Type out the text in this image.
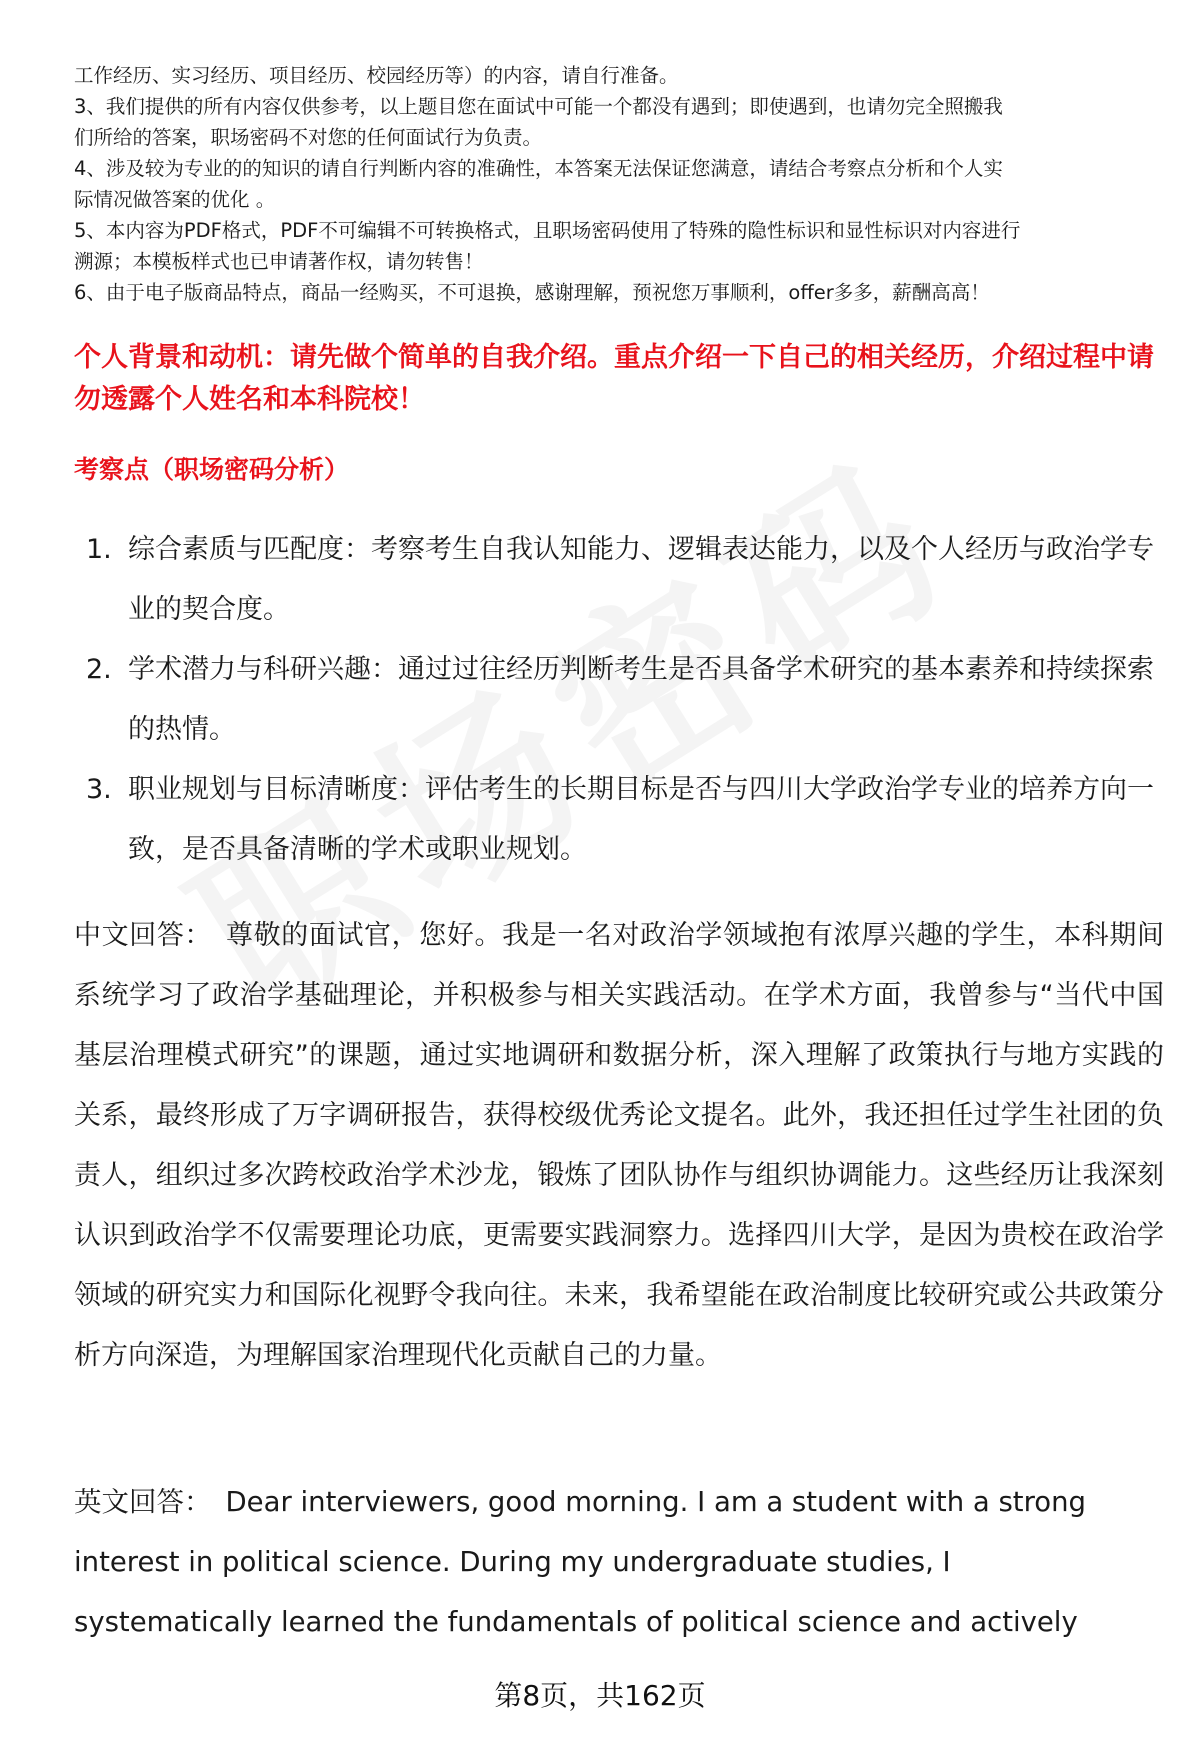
工作经历、实习经历、项目经历、校园经历等）的内容，请自行准备。

3、我们提供的所有内容仅供参考，以上题目您在面试中可能一个都没有遇到；即使遇到，也请勿完全照搬我

们所给的答案，职场密码不对您的任何面试行为负责。

4、涉及较为专业的的知识的请自行判断内容的准确性，本答案无法保证您满意，请结合考察点分析和个人实

际情况做答案的优化 。

5、本内容为PDF格式，PDF不可编辑不可转换格式，且职场密码使用了特殊的隐性标识和显性标识对内容进行

溯源；本模板样式也已申请著作权，请勿转售！

6、由于电子版商品特点，商品一经购买，不可退换，感谢理解，预祝您万事顺利，offer多多，薪酬高高！

个人背景和动机：请先做个简单的自我介绍。重点介绍一下自己的相关经历，介绍过程中请勿透露个人姓名和本科院校！

考察点（职场密码分析）

1. 综合素质与匹配度：考察考生自我认知能力、逻辑表达能力，以及个人经历与政治学专业的契合度。
2. 学术潜力与科研兴趣：通过过往经历判断考生是否具备学术研究的基本素养和持续探索的热情。
3. 职业规划与目标清晰度：评估考生的长期目标是否与四川大学政治学专业的培养方向一致，是否具备清晰的学术或职业规划。

中文回答： 尊敬的面试官，您好。我是一名对政治学领域抱有浓厚兴趣的学生，本科期间系统学习了政治学基础理论，并积极参与相关实践活动。在学术方面，我曾参与“当代中国基层治理模式研究”的课题，通过实地调研和数据分析，深入理解了政策执行与地方实践的关系，最终形成了万字调研报告，获得校级优秀论文提名。此外，我还担任过学生社团的负责人，组织过多次跨校政治学术沙龙，锻炼了团队协作与组织协调能力。这些经历让我深刻认识到政治学不仅需要理论功底，更需要实践洞察力。选择四川大学，是因为贵校在政治学领域的研究实力和国际化视野令我向往。未来，我希望能在政治制度比较研究或公共政策分析方向深造，为理解国家治理现代化贡献自己的力量。

英文回答： Dear interviewers, good morning. I am a student with a strong interest in political science. During my undergraduate studies, I systematically learned the fundamentals of political science and actively

第8页，共162页
